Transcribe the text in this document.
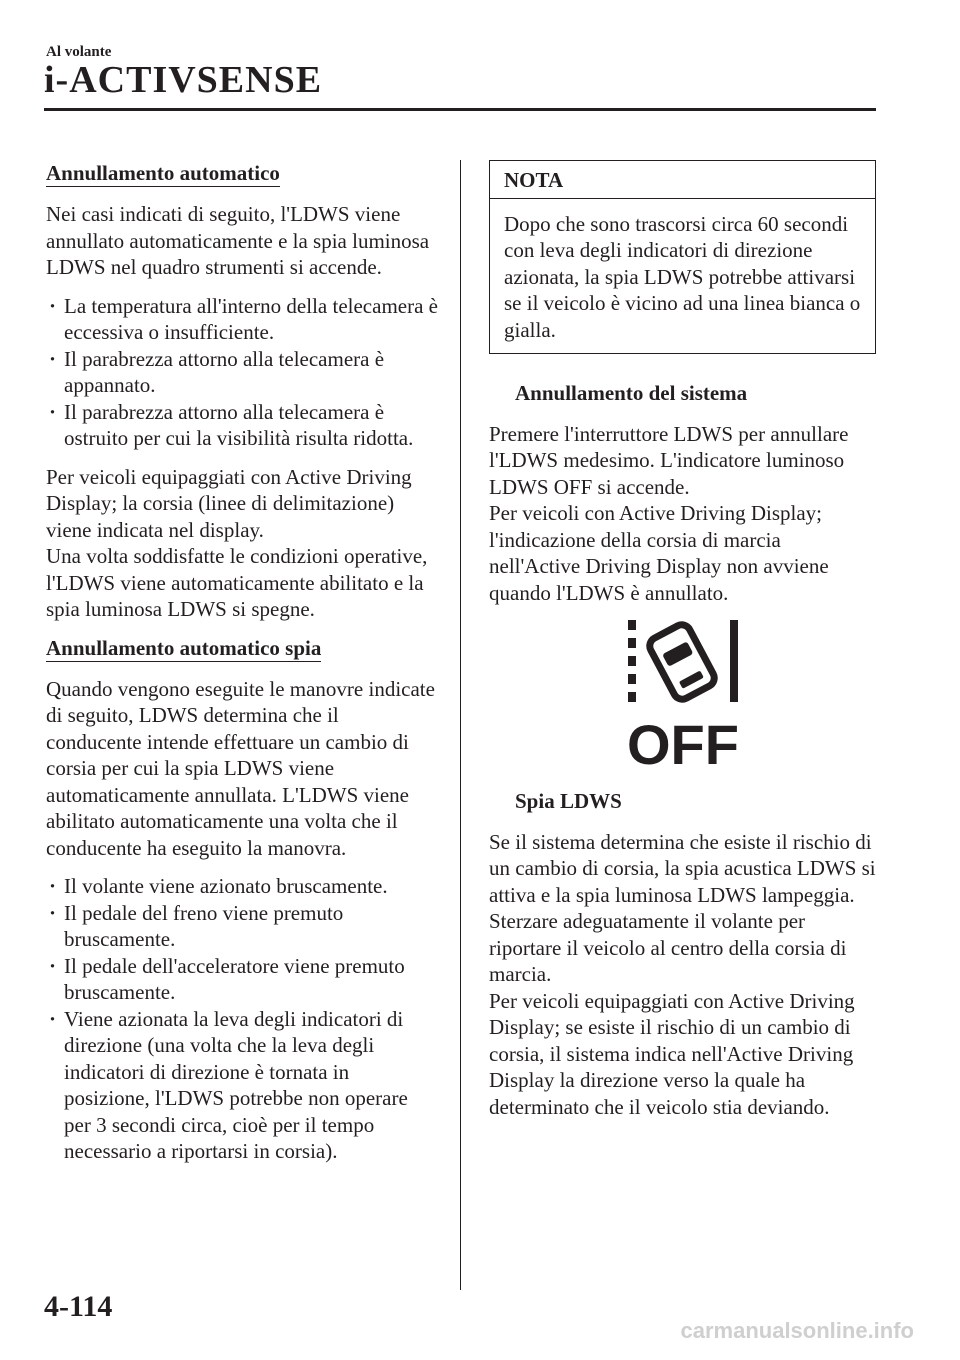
Al volante
i-ACTIVSENSE
Annullamento automatico

Nei casi indicati di seguito, l'LDWS viene annullato automaticamente e la spia luminosa LDWS nel quadro strumenti si accende.

· La temperatura all'interno della telecamera è eccessiva o insufficiente.
· Il parabrezza attorno alla telecamera è appannato.
· Il parabrezza attorno alla telecamera è ostruito per cui la visibilità risulta ridotta.

Per veicoli equipaggiati con Active Driving Display; la corsia (linee di delimitazione) viene indicata nel display.

Una volta soddisfatte le condizioni operative, l'LDWS viene automaticamente abilitato e la spia luminosa LDWS si spegne.

Annullamento automatico spia

Quando vengono eseguite le manovre indicate di seguito, LDWS determina che il conducente intende effettuare un cambio di corsia per cui la spia LDWS viene automaticamente annullata. L'LDWS viene abilitato automaticamente una volta che il conducente ha eseguito la manovra.

· Il volante viene azionato bruscamente.
· Il pedale del freno viene premuto bruscamente.
· Il pedale dell'acceleratore viene premuto bruscamente.
· Viene azionata la leva degli indicatori di direzione (una volta che la leva degli indicatori di direzione è tornata in posizione, l'LDWS potrebbe non operare per 3 secondi circa, cioè per il tempo necessario a riportarsi in corsia).
NOTA
Dopo che sono trascorsi circa 60 secondi con leva degli indicatori di direzione azionata, la spia LDWS potrebbe attivarsi se il veicolo è vicino ad una linea bianca o gialla.
Annullamento del sistema

Premere l'interruttore LDWS per annullare l'LDWS medesimo. L'indicatore luminoso LDWS OFF si accende.

Per veicoli con Active Driving Display; l'indicazione della corsia di marcia nell'Active Driving Display non avviene quando l'LDWS è annullato.

OFF
Spia LDWS

Se il sistema determina che esiste il rischio di un cambio di corsia, la spia acustica LDWS si attiva e la spia luminosa LDWS lampeggia. Sterzare adeguatamente il volante per riportare il veicolo al centro della corsia di marcia.

Per veicoli equipaggiati con Active Driving Display; se esiste il rischio di un cambio di corsia, il sistema indica nell'Active Driving Display la direzione verso la quale ha determinato che il veicolo stia deviando.

4-114
carmanualsonline.info
